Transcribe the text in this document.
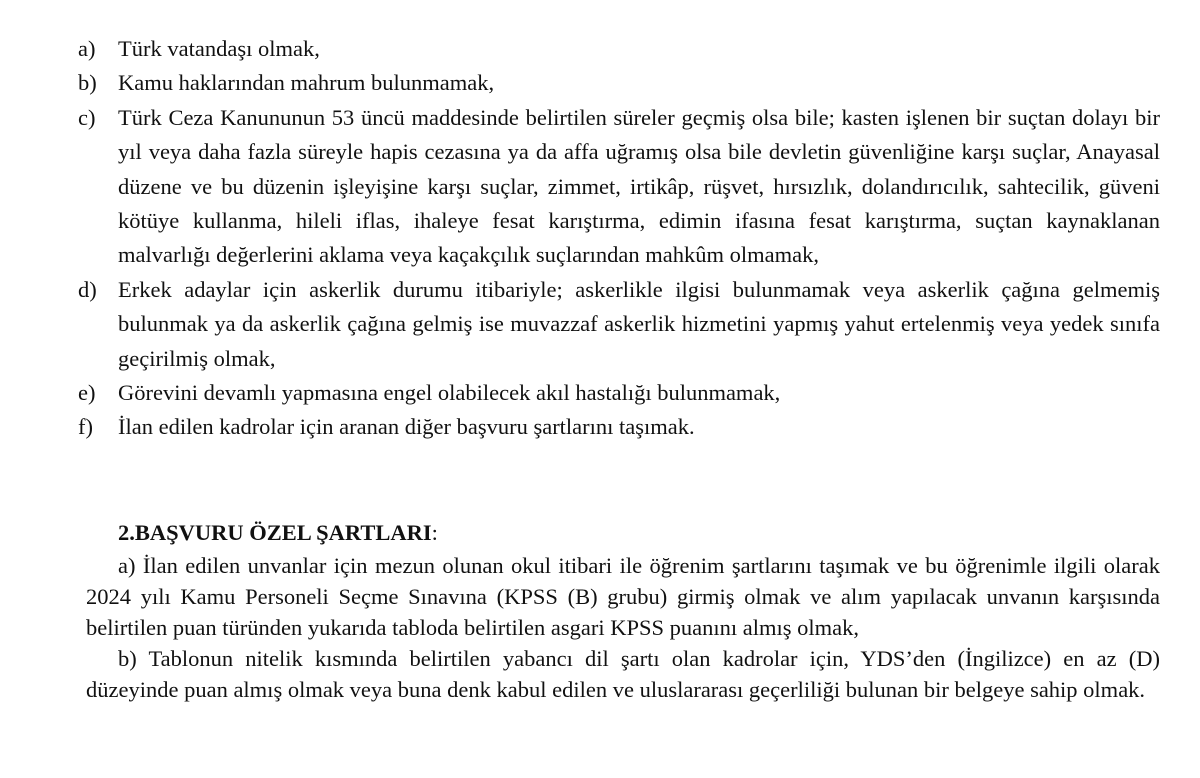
a)	Türk vatandaşı olmak,
b) Kamu haklarından mahrum bulunmamak,
c)	Türk Ceza Kanununun 53 üncü maddesinde belirtilen süreler geçmiş olsa bile; kasten işlenen bir suçtan dolayı bir yıl veya daha fazla süreyle hapis cezasına ya da affa uğramış olsa bile devletin güvenliğine karşı suçlar, Anayasal düzene ve bu düzenin işleyişine karşı suçlar, zimmet, irtikâp, rüşvet, hırsızlık, dolandırıcılık, sahtecilik, güveni kötüye kullanma, hileli iflas, ihaleye fesat karıştırma, edimin ifasına fesat karıştırma, suçtan kaynaklanan malvarlığı değerlerini aklama veya kaçakçılık suçlarından mahkûm olmamak,
d) Erkek adaylar için askerlik durumu itibariyle; askerlikle ilgisi bulunmamak veya askerlik çağına gelmemiş bulunmak ya da askerlik çağına gelmiş ise muvazzaf askerlik hizmetini yapmış yahut ertelenmiş veya yedek sınıfa geçirilmiş olmak,
e)	Görevini devamlı yapmasına engel olabilecek akıl hastalığı bulunmamak,
f)	İlan edilen kadrolar için aranan diğer başvuru şartlarını taşımak.

2.BAŞVURU ÖZEL ŞARTLARI:

a) İlan edilen unvanlar için mezun olunan okul itibari ile öğrenim şartlarını taşımak ve bu öğrenimle ilgili olarak 2024 yılı Kamu Personeli Seçme Sınavına (KPSS (B) grubu) girmiş olmak ve alım yapılacak unvanın karşısında belirtilen puan türünden yukarıda tabloda belirtilen asgari KPSS puanını almış olmak,

b) Tablonun nitelik kısmında belirtilen yabancı dil şartı olan kadrolar için, YDS’den (İngilizce) en az (D) düzeyinde puan almış olmak veya buna denk kabul edilen ve uluslararası geçerliliği bulunan bir belgeye sahip olmak.
